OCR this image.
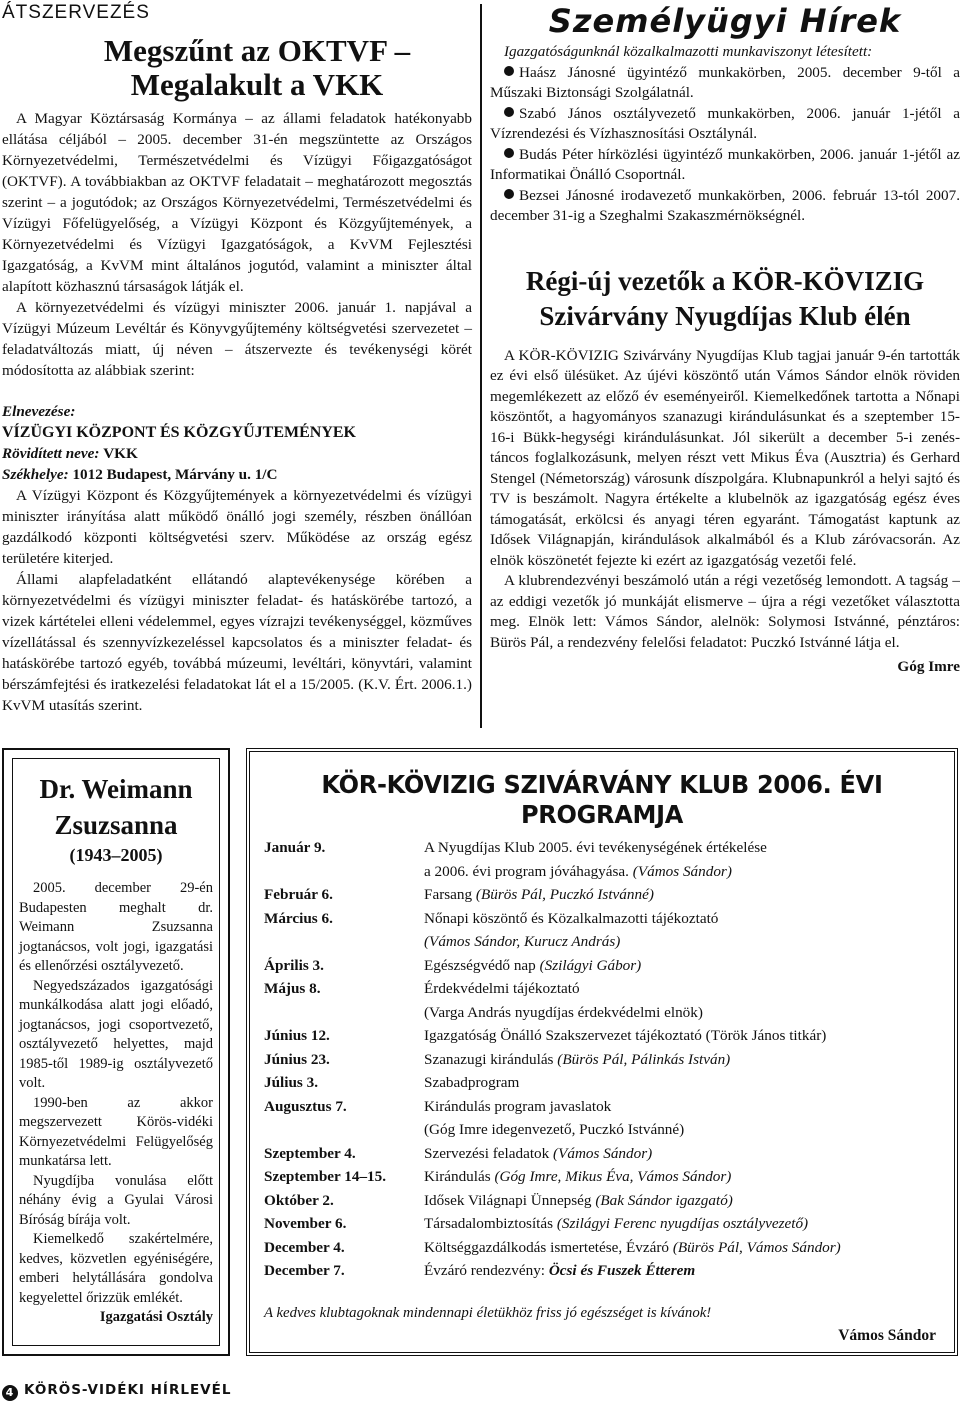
ÁTSZERVEZÉS
Megszűnt az OKTVF –
Megalakult a VKK

A Magyar Köztársaság Kormánya – az állami feladatok hatékonyabb ellátása céljából – 2005. december 31-én megszüntette az Országos Környezetvédelmi, Természetvédelmi és Vízügyi Főigazgatóságot (OKTVF). A továbbiakban az OKTVF feladatait – meghatározott megosztás szerint – a jogutódok; az Országos Környezetvédelmi, Természetvédelmi és Vízügyi Főfelügyelőség, a Vízügyi Központ és Közgyűjtemények, a Környezetvédelmi és Vízügyi Igazgatóságok, a KvVM Fejlesztési Igazgatóság, a KvVM mint általános jogutód, valamint a miniszter által alapított közhasznú társaságok látják el.

A környezetvédelmi és vízügyi miniszter 2006. január 1. napjával a Vízügyi Múzeum Levéltár és Könyvgyűjtemény költségvetési szervezetet – feladatváltozás miatt, új néven – átszervezte és tevékenységi körét módosította az alábbiak szerint:

Elnevezése:

VÍZÜGYI KÖZPONT ÉS KÖZGYŰJTEMÉNYEK

Rövidített neve: VKK

Székhelye: 1012 Budapest, Márvány u. 1/C

A Vízügyi Központ és Közgyűjtemények a környezetvédelmi és vízügyi miniszter irányítása alatt működő önálló jogi személy, részben önállóan gazdálkodó központi költségvetési szerv. Működése az ország egész területére kiterjed.

Állami alapfeladatként ellátandó alaptevékenysége körében a környezetvédelmi és vízügyi miniszter feladat- és hatáskörébe tartozó, a vizek kártételei elleni védelemmel, egyes vízrajzi tevékenységgel, közműves vízellátással és szennyvízkezeléssel kapcsolatos és a miniszter feladat- és hatáskörébe tartozó egyéb, továbbá múzeumi, levéltári, könyvtári, valamint bérszámfejtési és iratkezelési feladatokat lát el a 15/2005. (K.V. Ért. 2006.1.) KvVM utasítás szerint.

Személyügyi Hírek

Igazgatóságunknál közalkalmazotti munkaviszonyt létesített:

Haász Jánosné ügyintéző munkakörben, 2005. december 9-től a Műszaki Biztonsági Szolgálatnál.

Szabó János osztályvezető munkakörben, 2006. január 1-jétől a Vízrendezési és Vízhasznosítási Osztálynál.

Budás Péter hírközlési ügyintéző munkakörben, 2006. január 1-jétől az Informatikai Önálló Csoportnál.

Bezsei Jánosné irodavezető munkakörben, 2006. február 13-tól 2007. december 31-ig a Szeghalmi Szakaszmérnökségnél.

Régi-új vezetők a KÖR-KÖVIZIG
Szivárvány Nyugdíjas Klub élén

A KÖR-KÖVIZIG Szivárvány Nyugdíjas Klub tagjai január 9-én tartották ez évi első ülésüket. Az újévi köszöntő után Vámos Sándor elnök röviden megemlékezett az előző év eseményeiről. Kiemelkedőnek tartotta a Nőnapi köszöntőt, a hagyományos szanazugi kirándulásunkat és a szeptember 15-16-i Bükk-hegységi kirándulásunkat. Jól sikerült a december 5-i zenés-táncos foglalkozásunk, melyen részt vett Mikus Éva (Ausztria) és Gerhard Stengel (Németország) városunk díszpolgára. Klubnapunkról a helyi sajtó és TV is beszámolt. Nagyra értékelte a klubelnök az igazgatóság egész éves támogatását, erkölcsi és anyagi téren egyaránt. Támogatást kaptunk az Idősek Világnapján, kirándulások alkalmából és a Klub záróvacsorán. Az elnök köszönetét fejezte ki ezért az igazgatóság vezetői felé.

A klubrendezvényi beszámoló után a régi vezetőség lemondott. A tagság – az eddigi vezetők jó munkáját elismerve – újra a régi vezetőket választotta meg. Elnök lett: Vámos Sándor, alelnök: Solymosi Istvánné, pénztáros: Bürös Pál, a rendezvény felelősi feladatot: Puczkó Istvánné látja el.

Góg Imre

Dr. Weimann Zsuzsanna
(1943–2005)

2005. december 29-én Budapesten meghalt dr. Weimann Zsuzsanna jogtanácsos, volt jogi, igazgatási és ellenőrzési osztályvezető.

Negyedszázados igazgatósági munkálkodása alatt jogi előadó, jogtanácsos, jogi csoportvezető, osztályvezető helyettes, majd 1985-től 1989-ig osztályvezető volt.

1990-ben az akkor megszervezett Körös-vidéki Környezetvédelmi Felügyelőség munkatársa lett.

Nyugdíjba vonulása előtt néhány évig a Gyulai Városi Bíróság bírája volt.

Kiemelkedő szakértelmére, kedves, közvetlen egyéniségére, emberi helytállására gondolva kegyelettel őrizzük emlékét.

Igazgatási Osztály

KÖR-KÖVIZIG SZIVÁRVÁNY KLUB 2006. ÉVI PROGRAMJA
Január 9.	A Nyugdíjas Klub 2005. évi tevékenységének értékelése
	a 2006. évi program jóváhagyása. (Vámos Sándor)
Február 6.	Farsang (Bürös Pál, Puczkó Istvánné)
Március 6.	Nőnapi köszöntő és Közalkalmazotti tájékoztató
	(Vámos Sándor, Kurucz András)
Április 3.	Egészségvédő nap (Szilágyi Gábor)
Május 8.	Érdekvédelmi tájékoztató
	(Varga András nyugdíjas érdekvédelmi elnök)
Június 12.	Igazgatóság Önálló Szakszervezet tájékoztató (Török János titkár)
Június 23.	Szanazugi kirándulás (Bürös Pál, Pálinkás István)
Július 3.	Szabadprogram
Augusztus 7.	Kirándulás program javaslatok
	(Góg Imre idegenvezető, Puczkó Istvánné)
Szeptember 4.	Szervezési feladatok (Vámos Sándor)
Szeptember 14–15.	Kirándulás (Góg Imre, Mikus Éva, Vámos Sándor)
Október 2.	Idősek Világnapi Ünnepség (Bak Sándor igazgató)
November 6.	Társadalombiztosítás (Szilágyi Ferenc nyugdíjas osztályvezető)
December 4.	Költséggazdálkodás ismertetése, Évzáró (Bürös Pál, Vámos Sándor)
December 7.	Évzáró rendezvény: Öcsi és Fuszek Étterem
A kedves klubtagoknak mindennapi életükhöz friss jó egészséget is kívánok!
Vámos Sándor
4 KÖRÖS-VIDÉKI HÍRLEVÉL
